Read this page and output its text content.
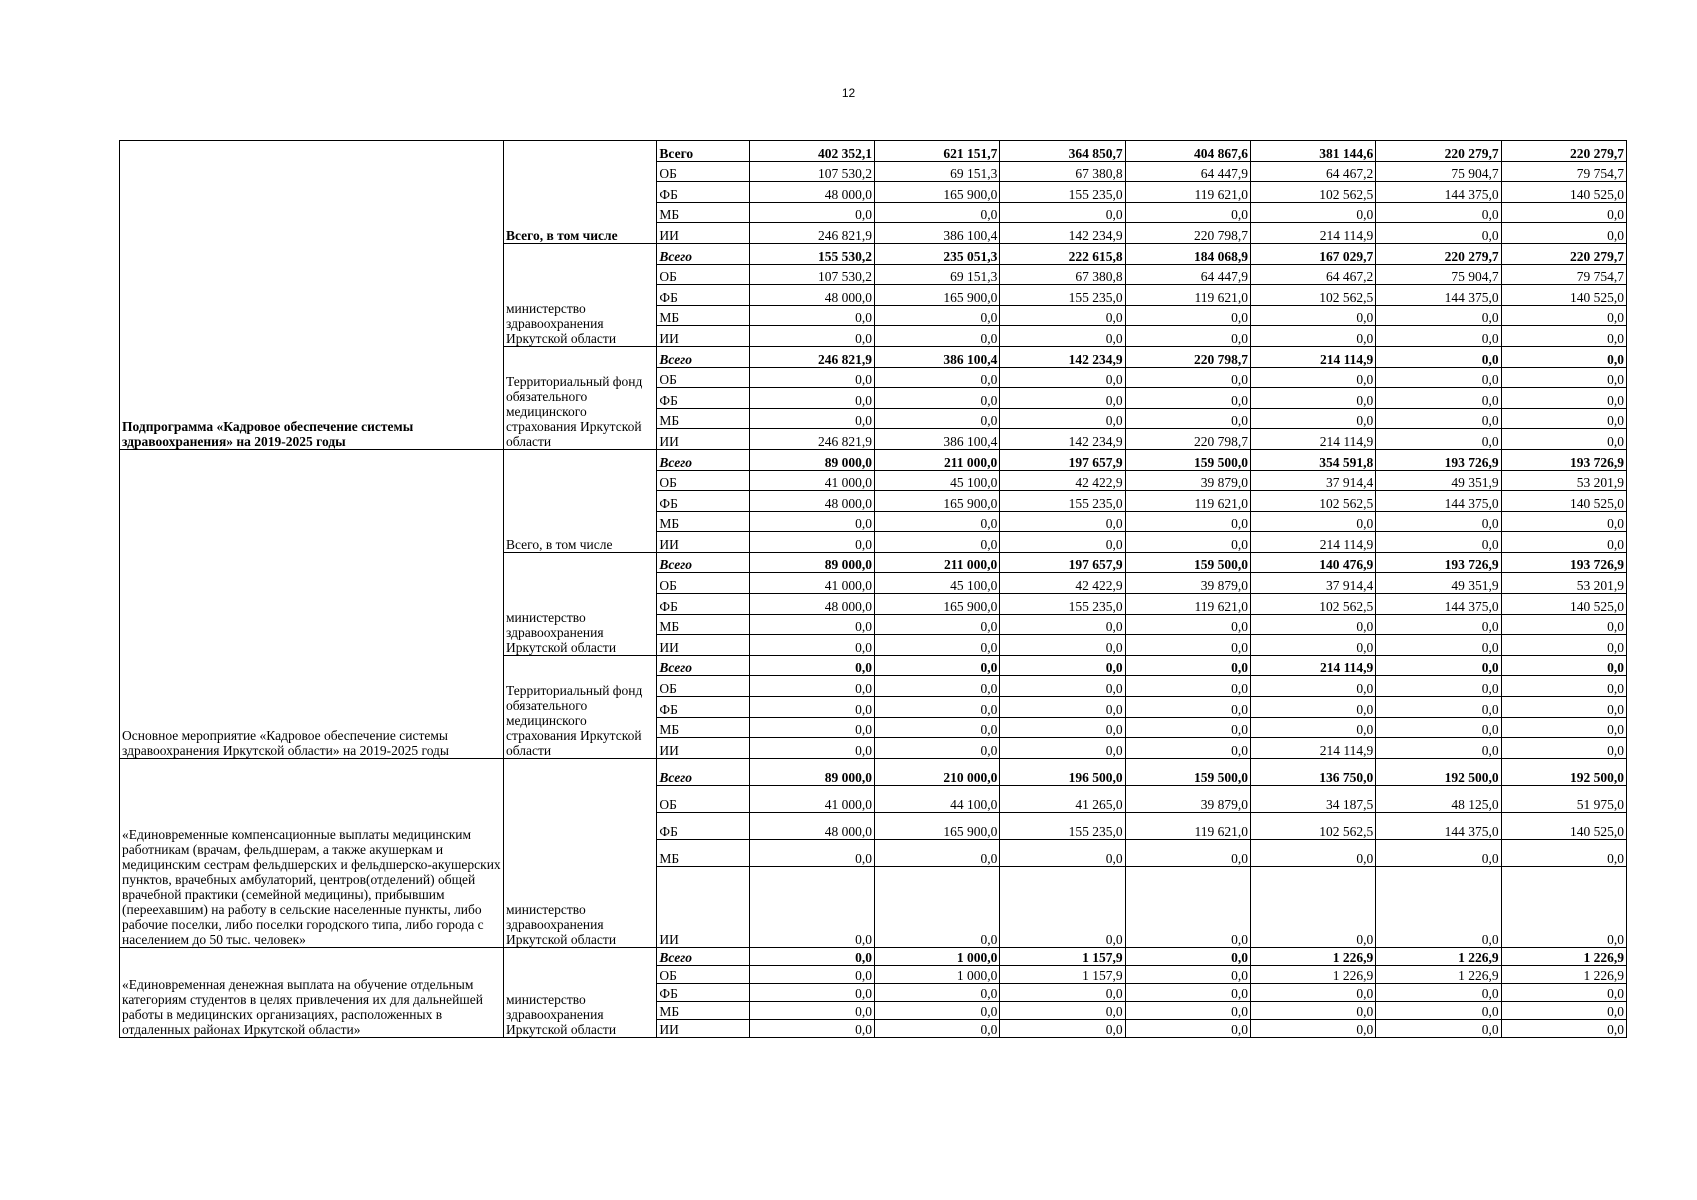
12
Подпрограмма «Кадровое обеспечение системы здравоохранения» на 2019-2025 годы	Всего, в том числе	Всего	402 352,1	621 151,7	364 850,7	404 867,6	381 144,6	220 279,7	220 279,7
		ОБ	107 530,2	69 151,3	67 380,8	64 447,9	64 467,2	75 904,7	79 754,7
		ФБ	48 000,0	165 900,0	155 235,0	119 621,0	102 562,5	144 375,0	140 525,0
		МБ	0,0	0,0	0,0	0,0	0,0	0,0	0,0
		ИИ	246 821,9	386 100,4	142 234,9	220 798,7	214 114,9	0,0	0,0
	министерство здравоохранения Иркутской области	Всего	155 530,2	235 051,3	222 615,8	184 068,9	167 029,7	220 279,7	220 279,7
		ОБ	107 530,2	69 151,3	67 380,8	64 447,9	64 467,2	75 904,7	79 754,7
		ФБ	48 000,0	165 900,0	155 235,0	119 621,0	102 562,5	144 375,0	140 525,0
		МБ	0,0	0,0	0,0	0,0	0,0	0,0	0,0
		ИИ	0,0	0,0	0,0	0,0	0,0	0,0	0,0
	Территориальный фонд обязательного медицинского страхования Иркутской области	Всего	246 821,9	386 100,4	142 234,9	220 798,7	214 114,9	0,0	0,0
		ОБ	0,0	0,0	0,0	0,0	0,0	0,0	0,0
		ФБ	0,0	0,0	0,0	0,0	0,0	0,0	0,0
		МБ	0,0	0,0	0,0	0,0	0,0	0,0	0,0
		ИИ	246 821,9	386 100,4	142 234,9	220 798,7	214 114,9	0,0	0,0
Основное мероприятие «Кадровое обеспечение системы здравоохранения Иркутской области» на 2019-2025 годы	Всего, в том числе	Всего	89 000,0	211 000,0	197 657,9	159 500,0	354 591,8	193 726,9	193 726,9
		ОБ	41 000,0	45 100,0	42 422,9	39 879,0	37 914,4	49 351,9	53 201,9
		ФБ	48 000,0	165 900,0	155 235,0	119 621,0	102 562,5	144 375,0	140 525,0
		МБ	0,0	0,0	0,0	0,0	0,0	0,0	0,0
		ИИ	0,0	0,0	0,0	0,0	214 114,9	0,0	0,0
	министерство здравоохранения Иркутской области	Всего	89 000,0	211 000,0	197 657,9	159 500,0	140 476,9	193 726,9	193 726,9
		ОБ	41 000,0	45 100,0	42 422,9	39 879,0	37 914,4	49 351,9	53 201,9
		ФБ	48 000,0	165 900,0	155 235,0	119 621,0	102 562,5	144 375,0	140 525,0
		МБ	0,0	0,0	0,0	0,0	0,0	0,0	0,0
		ИИ	0,0	0,0	0,0	0,0	0,0	0,0	0,0
	Территориальный фонд обязательного медицинского страхования Иркутской области	Всего	0,0	0,0	0,0	0,0	214 114,9	0,0	0,0
		ОБ	0,0	0,0	0,0	0,0	0,0	0,0	0,0
		ФБ	0,0	0,0	0,0	0,0	0,0	0,0	0,0
		МБ	0,0	0,0	0,0	0,0	0,0	0,0	0,0
		ИИ	0,0	0,0	0,0	0,0	214 114,9	0,0	0,0
«Единовременные компенсационные выплаты медицинским работникам (врачам, фельдшерам, а также акушеркам и медицинским сестрам фельдшерских и фельдшерско-акушерских пунктов, врачебных амбулаторий, центров(отделений) общей врачебной практики (семейной медицины), прибывшим (переехавшим) на работу в сельские населенные пункты, либо рабочие поселки, либо поселки городского типа, либо города с населением до 50 тыс. человек»	министерство здравоохранения Иркутской области	Всего	89 000,0	210 000,0	196 500,0	159 500,0	136 750,0	192 500,0	192 500,0
		ОБ	41 000,0	44 100,0	41 265,0	39 879,0	34 187,5	48 125,0	51 975,0
		ФБ	48 000,0	165 900,0	155 235,0	119 621,0	102 562,5	144 375,0	140 525,0
		МБ	0,0	0,0	0,0	0,0	0,0	0,0	0,0
		ИИ	0,0	0,0	0,0	0,0	0,0	0,0	0,0
«Единовременная денежная выплата на обучение отдельным категориям студентов в целях привлечения их для дальнейшей работы в медицинских организациях, расположенных в отдаленных районах Иркутской области»	министерство здравоохранения Иркутской области	Всего	0,0	1 000,0	1 157,9	0,0	1 226,9	1 226,9	1 226,9
		ОБ	0,0	1 000,0	1 157,9	0,0	1 226,9	1 226,9	1 226,9
		ФБ	0,0	0,0	0,0	0,0	0,0	0,0	0,0
		МБ	0,0	0,0	0,0	0,0	0,0	0,0	0,0
		ИИ	0,0	0,0	0,0	0,0	0,0	0,0	0,0
